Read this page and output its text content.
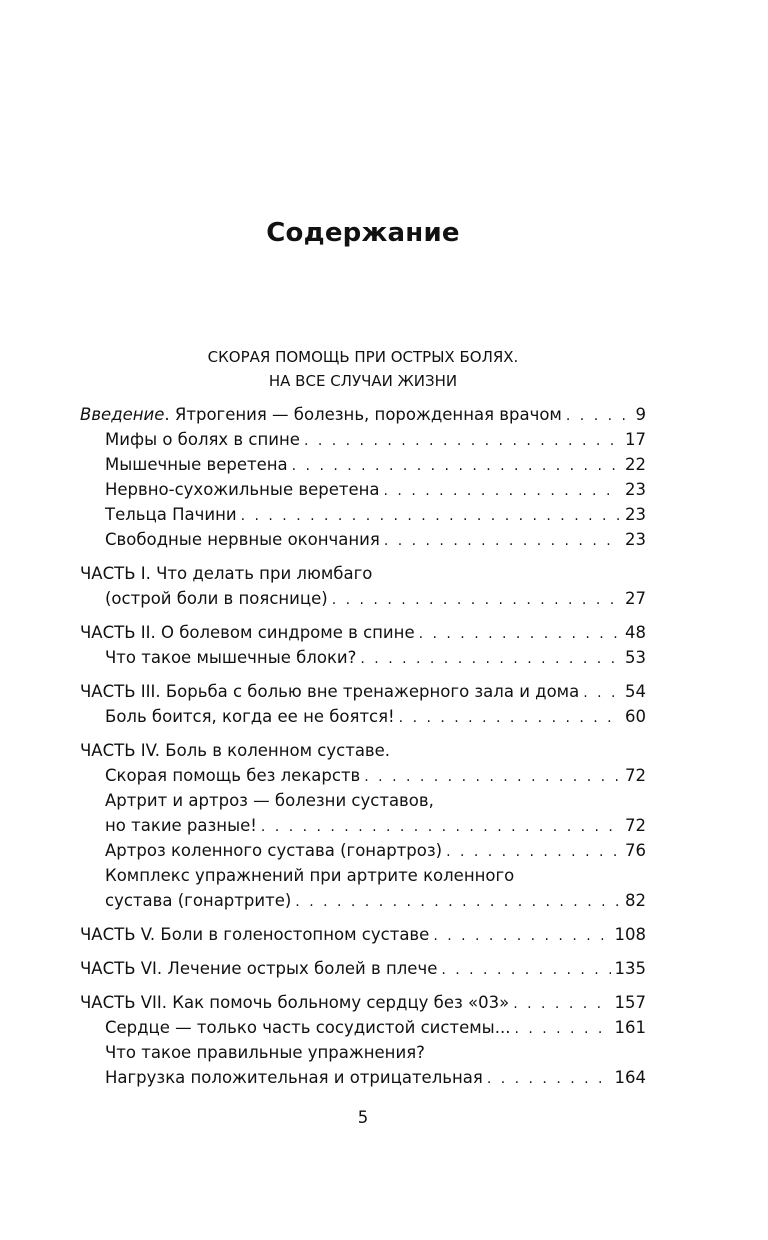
Содержание
СКОРАЯ ПОМОЩЬ ПРИ ОСТРЫХ БОЛЯХ.
НА ВСЕ СЛУЧАИ ЖИЗНИ
Введение. Ятрогения — болезнь, порожденная врачом . . .	9
Мифы о болях в спине . . .	17
Мышечные веретена . . .	22
Нервно-сухожильные веретена . . .	23
Тельца Пачини . . .	23
Свободные нервные окончания . . .	23
ЧАСТЬ I. Что делать при люмбаго
(острой боли в пояснице) . . .	27
ЧАСТЬ II. О болевом синдроме в спине . . .	48
Что такое мышечные блоки? . . .	53
ЧАСТЬ III. Борьба с болью вне тренажерного зала и дома . . .	54
Боль боится, когда ее не боятся! . . .	60
ЧАСТЬ IV. Боль в коленном суставе.
Скорая помощь без лекарств . . .	72
Артрит и артроз — болезни суставов,
но такие разные! . . .	72
Артроз коленного сустава (гонартроз) . . .	76
Комплекс упражнений при артрите коленного
сустава (гонартрите) . . .	82
ЧАСТЬ V. Боли в голеностопном суставе . . .	108
ЧАСТЬ VI. Лечение острых болей в плече . . .	135
ЧАСТЬ VII. Как помочь больному сердцу без «03» . . .	157
Сердце — только часть сосудистой системы... . . .	161
Что такое правильные упражнения?
Нагрузка положительная и отрицательная . . .	164
5
